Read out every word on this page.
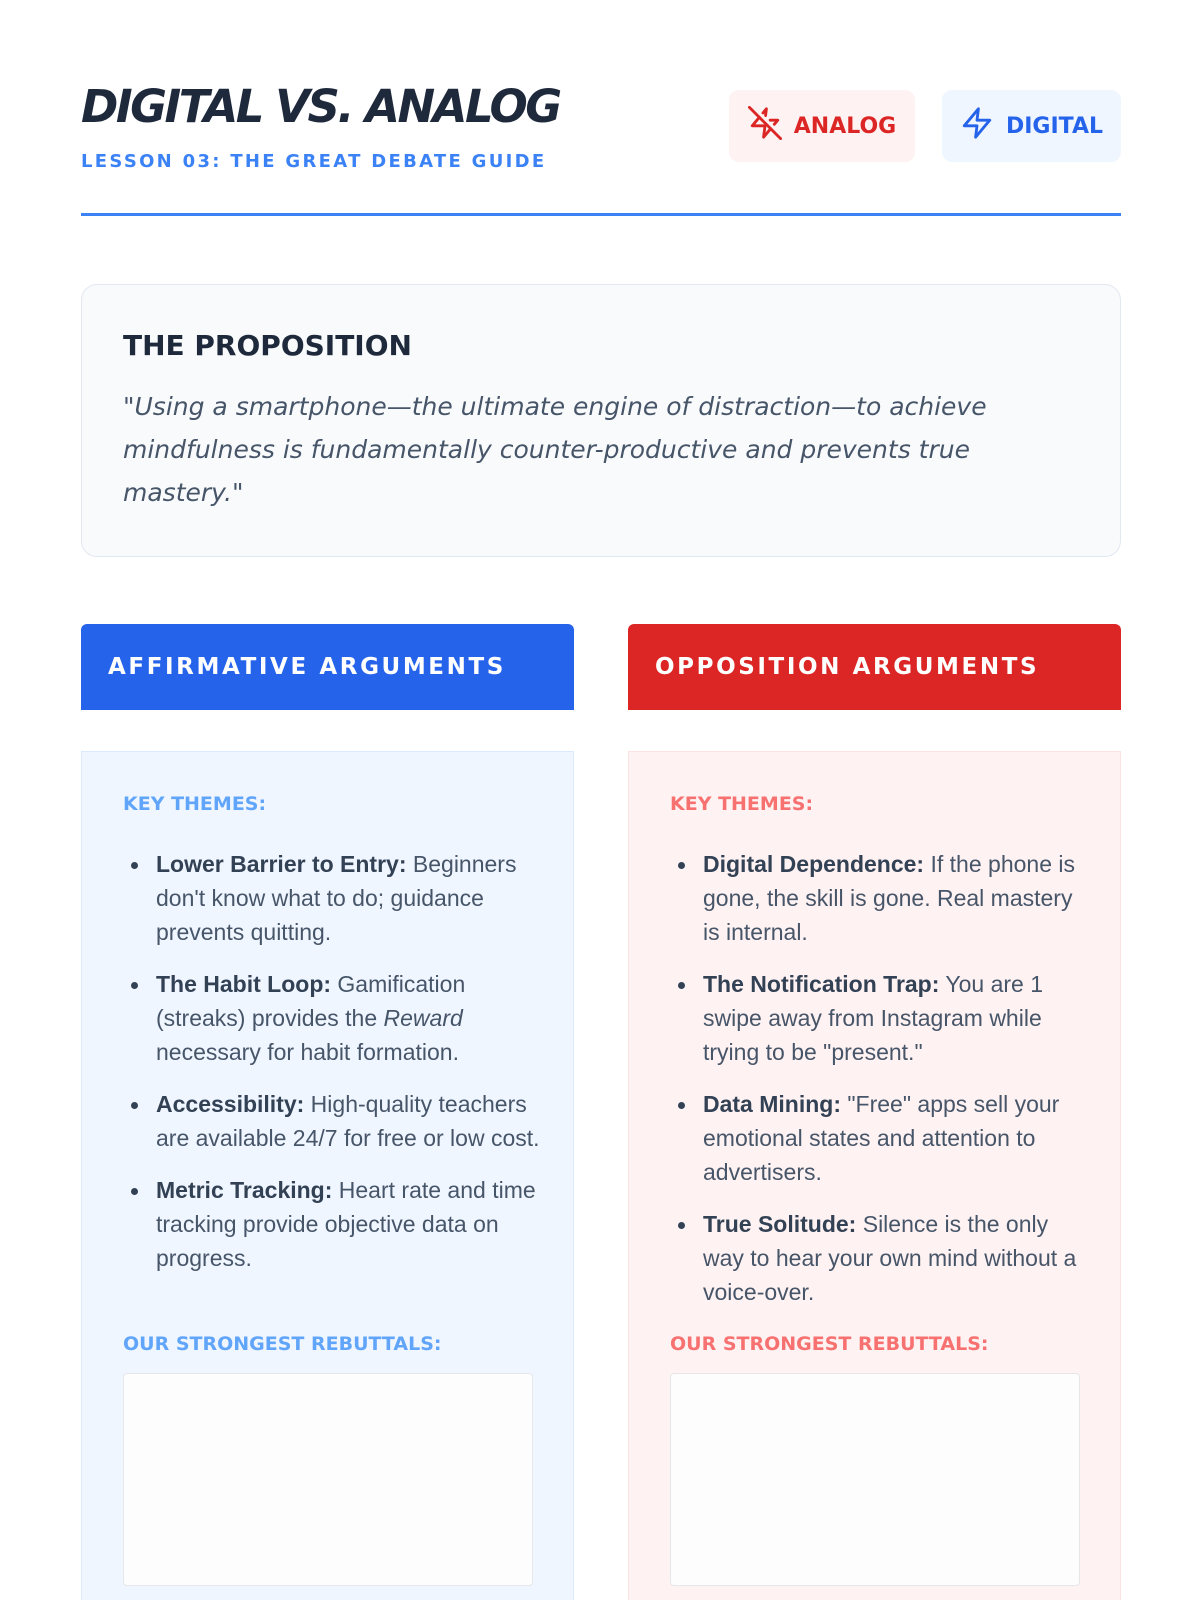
DIGITAL VS. ANALOG
LESSON 03: THE GREAT DEBATE GUIDE
ANALOG	DIGITAL
THE PROPOSITION

"Using a smartphone—the ultimate engine of distraction—to achieve mindfulness is fundamentally counter-productive and prevents true mastery."

AFFIRMATIVE ARGUMENTS	OPPOSITION ARGUMENTS
KEY THEMES:
Lower Barrier to Entry: Beginners don't know what to do; guidance prevents quitting.
The Habit Loop: Gamification (streaks) provides the Reward necessary for habit formation.
Accessibility: High-quality teachers are available 24/7 for free or low cost.
Metric Tracking: Heart rate and time tracking provide objective data on progress.
OUR STRONGEST REBUTTALS:
KEY THEMES:
Digital Dependence: If the phone is gone, the skill is gone. Real mastery is internal.
The Notification Trap: You are 1 swipe away from Instagram while trying to be "present."
Data Mining: "Free" apps sell your emotional states and attention to advertisers.
True Solitude: Silence is the only way to hear your own mind without a voice-over.
OUR STRONGEST REBUTTALS:
